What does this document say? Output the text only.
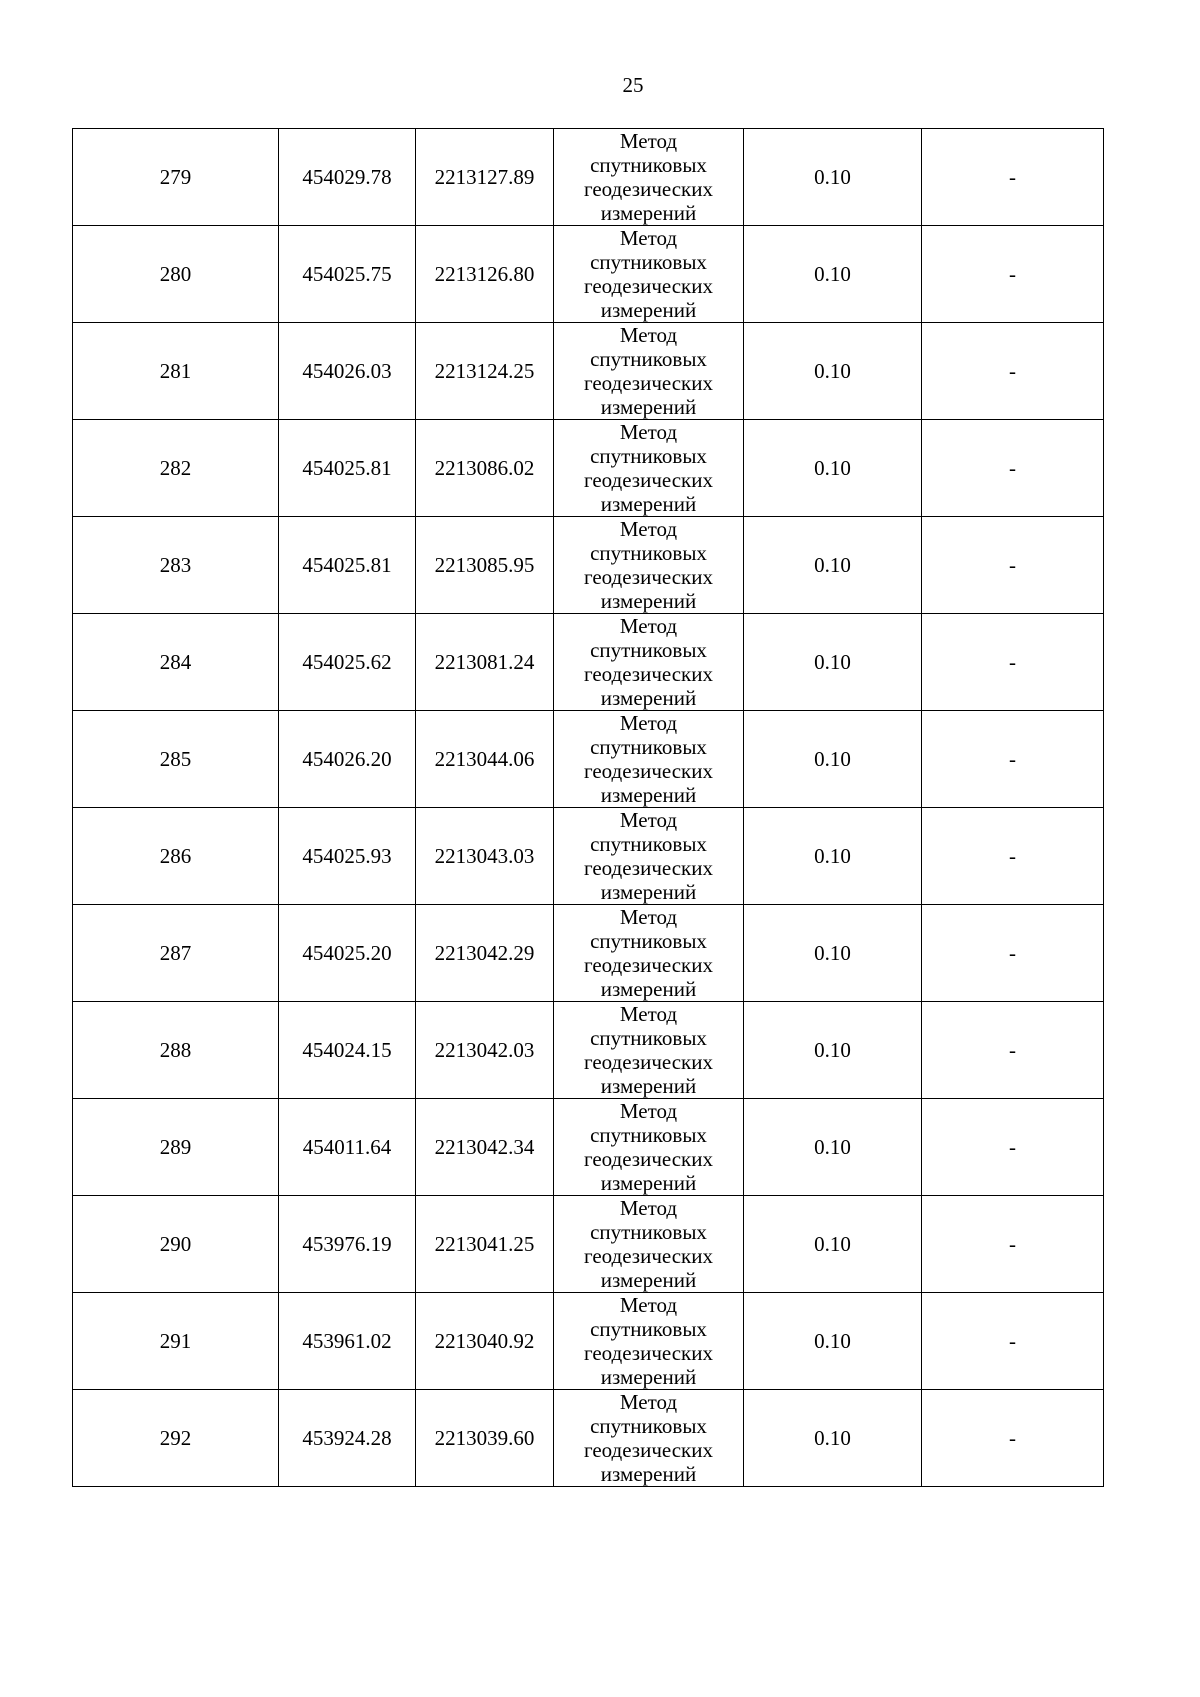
25
279	454029.78	2213127.89	Метод
спутниковых
геодезических
измерений	0.10	-
280	454025.75	2213126.80	Метод
спутниковых
геодезических
измерений	0.10	-
281	454026.03	2213124.25	Метод
спутниковых
геодезических
измерений	0.10	-
282	454025.81	2213086.02	Метод
спутниковых
геодезических
измерений	0.10	-
283	454025.81	2213085.95	Метод
спутниковых
геодезических
измерений	0.10	-
284	454025.62	2213081.24	Метод
спутниковых
геодезических
измерений	0.10	-
285	454026.20	2213044.06	Метод
спутниковых
геодезических
измерений	0.10	-
286	454025.93	2213043.03	Метод
спутниковых
геодезических
измерений	0.10	-
287	454025.20	2213042.29	Метод
спутниковых
геодезических
измерений	0.10	-
288	454024.15	2213042.03	Метод
спутниковых
геодезических
измерений	0.10	-
289	454011.64	2213042.34	Метод
спутниковых
геодезических
измерений	0.10	-
290	453976.19	2213041.25	Метод
спутниковых
геодезических
измерений	0.10	-
291	453961.02	2213040.92	Метод
спутниковых
геодезических
измерений	0.10	-
292	453924.28	2213039.60	Метод
спутниковых
геодезических
измерений	0.10	-
